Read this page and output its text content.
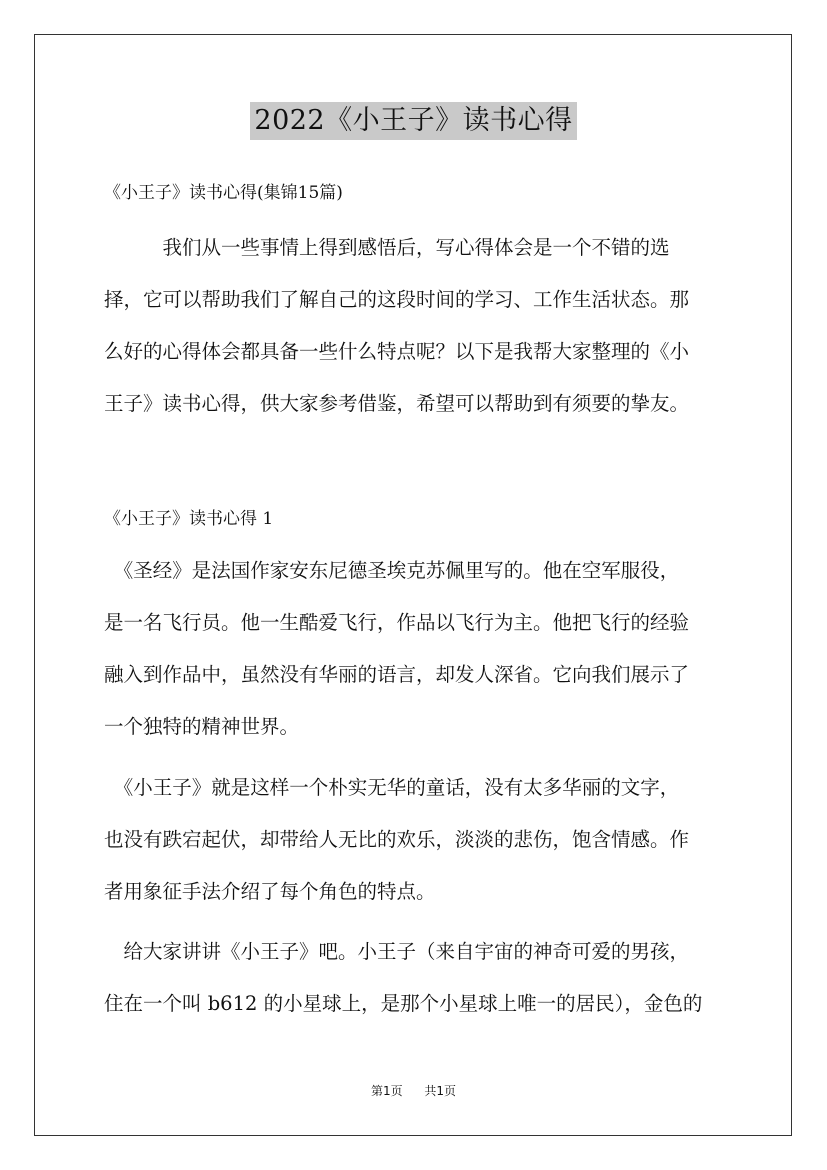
2022《小王子》读书心得
《小王子》读书心得(集锦15篇)
　　　我们从一些事情上得到感悟后，写心得体会是一个不错的选
择，它可以帮助我们了解自己的这段时间的学习、工作生活状态。那
么好的心得体会都具备一些什么特点呢？以下是我帮大家整理的《小
王子》读书心得，供大家参考借鉴，希望可以帮助到有须要的挚友。
《小王子》读书心得 1
　《圣经》是法国作家安东尼德圣埃克苏佩里写的。他在空军服役，
是一名飞行员。他一生酷爱飞行，作品以飞行为主。他把飞行的经验
融入到作品中，虽然没有华丽的语言，却发人深省。它向我们展示了
一个独特的精神世界。
　《小王子》就是这样一个朴实无华的童话，没有太多华丽的文字，
也没有跌宕起伏，却带给人无比的欢乐，淡淡的悲伤，饱含情感。作
者用象征手法介绍了每个角色的特点。
　给大家讲讲《小王子》吧。小王子（来自宇宙的神奇可爱的男孩，
住在一个叫 b612 的小星球上，是那个小星球上唯一的居民），金色的
第1页 共1页
